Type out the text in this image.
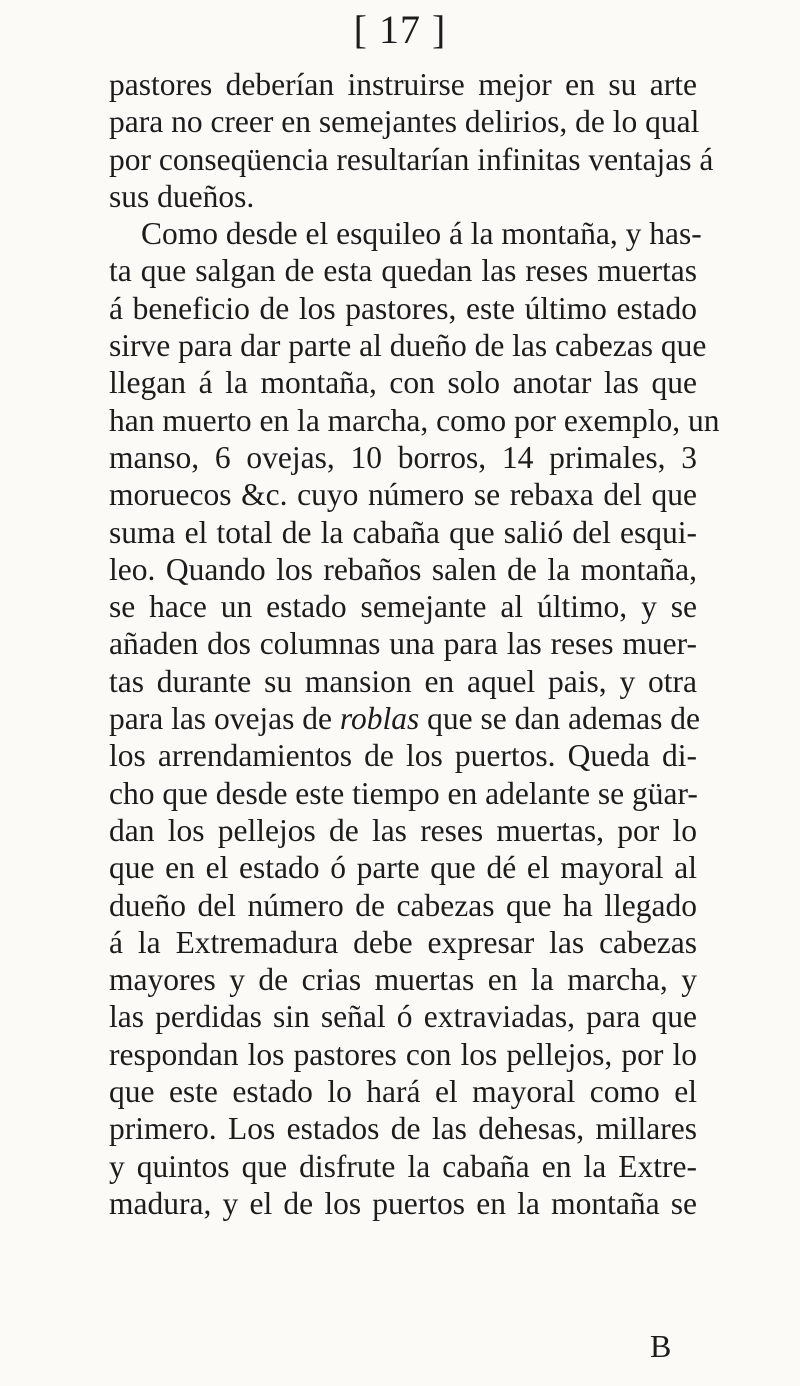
[ 17 ]
pastores deberían instruirse mejor en su arte
para no creer en semejantes delirios, de lo qual
por conseqüencia resultarían infinitas ventajas á
sus dueños.
Como desde el esquileo á la montaña, y has-
ta que salgan de esta quedan las reses muertas
á beneficio de los pastores, este último estado
sirve para dar parte al dueño de las cabezas que
llegan á la montaña, con solo anotar las que
han muerto en la marcha, como por exemplo, un
manso, 6 ovejas, 10 borros, 14 primales, 3
moruecos &c. cuyo número se rebaxa del que
suma el total de la cabaña que salió del esqui-
leo. Quando los rebaños salen de la montaña,
se hace un estado semejante al último, y se
añaden dos columnas una para las reses muer-
tas durante su mansion en aquel pais, y otra
para las ovejas de roblas que se dan ademas de
los arrendamientos de los puertos. Queda di-
cho que desde este tiempo en adelante se güar-
dan los pellejos de las reses muertas, por lo
que en el estado ó parte que dé el mayoral al
dueño del número de cabezas que ha llegado
á la Extremadura debe expresar las cabezas
mayores y de crias muertas en la marcha, y
las perdidas sin señal ó extraviadas, para que
respondan los pastores con los pellejos, por lo
que este estado lo hará el mayoral como el
primero. Los estados de las dehesas, millares
y quintos que disfrute la cabaña en la Extre-
madura, y el de los puertos en la montaña se
B
